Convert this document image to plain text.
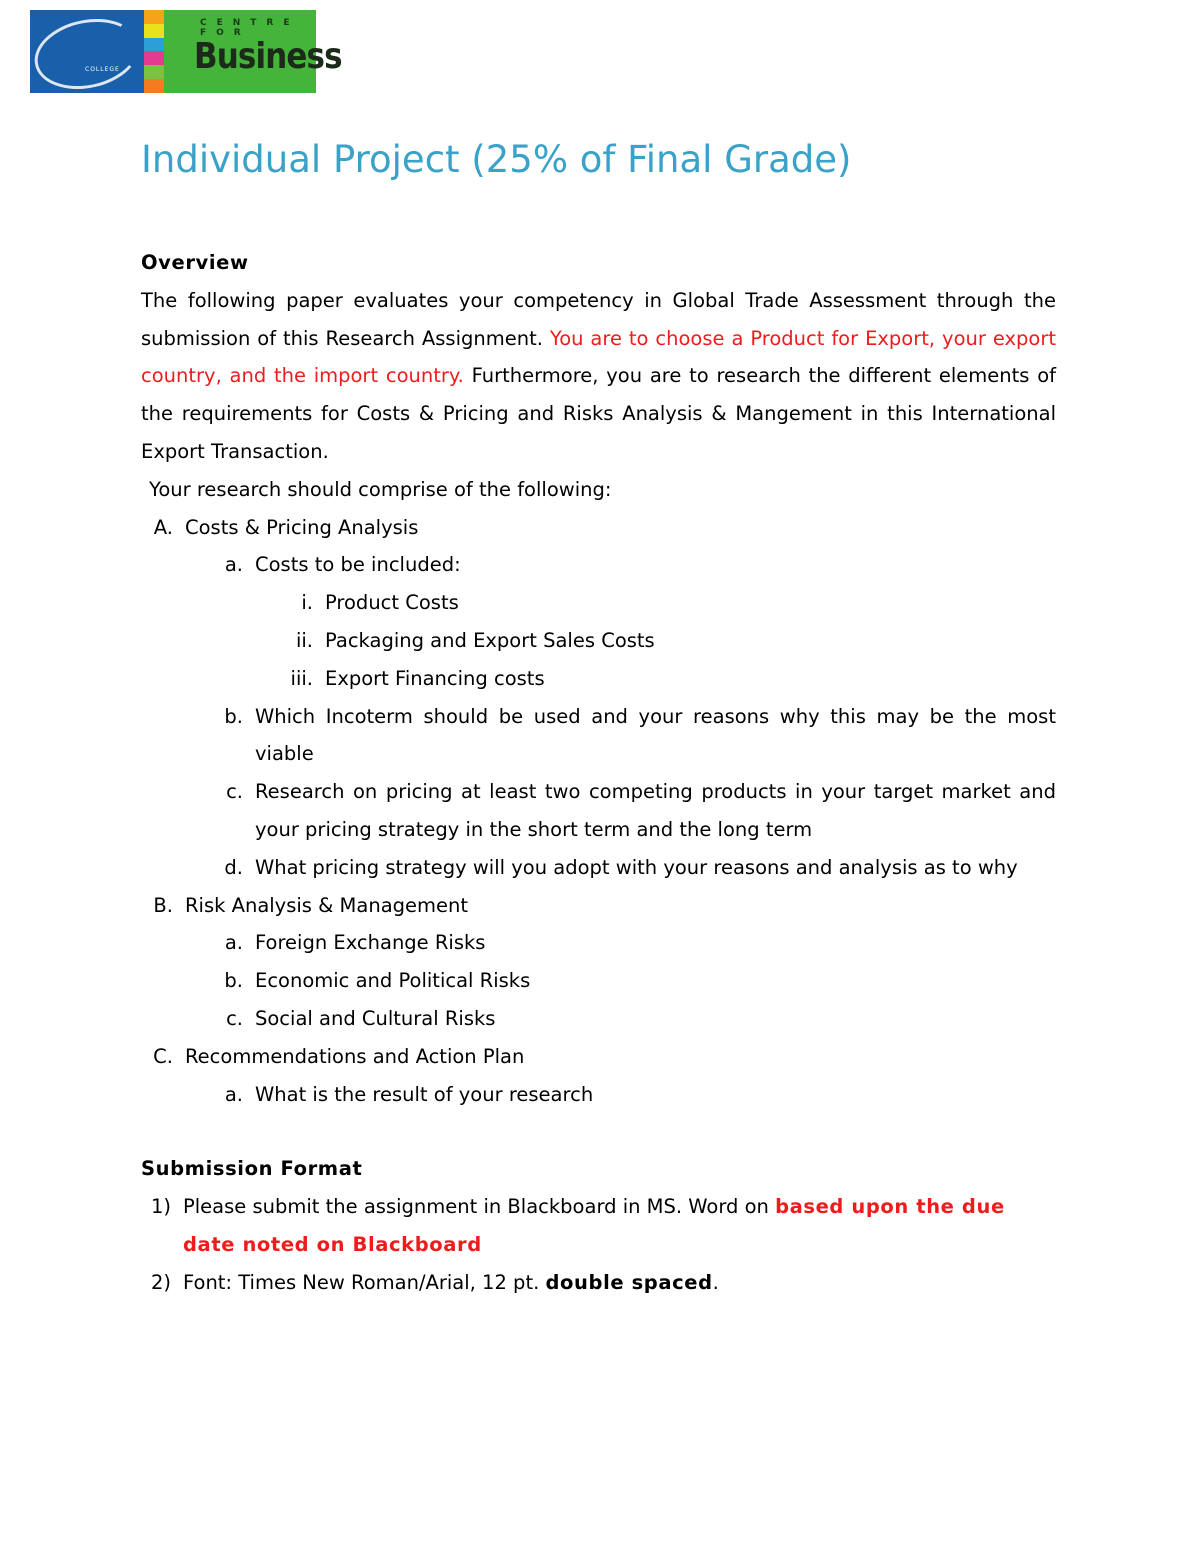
COLLEGE
CENTRE FOR
Business
Individual Project (25% of Final Grade)
Overview
The following paper evaluates your competency in Global Trade Assessment through the submission of this Research Assignment. You are to choose a Product for Export, your export country, and the import country. Furthermore, you are to research the different elements of the requirements for Costs & Pricing and Risks Analysis & Mangement in this International Export Transaction.
Your research should comprise of the following:
A. Costs & Pricing Analysis
a. Costs to be included:
i. Product Costs
ii. Packaging and Export Sales Costs
iii. Export Financing costs
b. Which Incoterm should be used and your reasons why this may be the most viable
c. Research on pricing at least two competing products in your target market and your pricing strategy in the short term and the long term
d. What pricing strategy will you adopt with your reasons and analysis as to why
B. Risk Analysis & Management
a. Foreign Exchange Risks
b. Economic and Political Risks
c. Social and Cultural Risks
C. Recommendations and Action Plan
a. What is the result of your research
Submission Format
1) Please submit the assignment in Blackboard in MS. Word on based upon the due date noted on Blackboard
2) Font: Times New Roman/Arial, 12 pt. double spaced.
